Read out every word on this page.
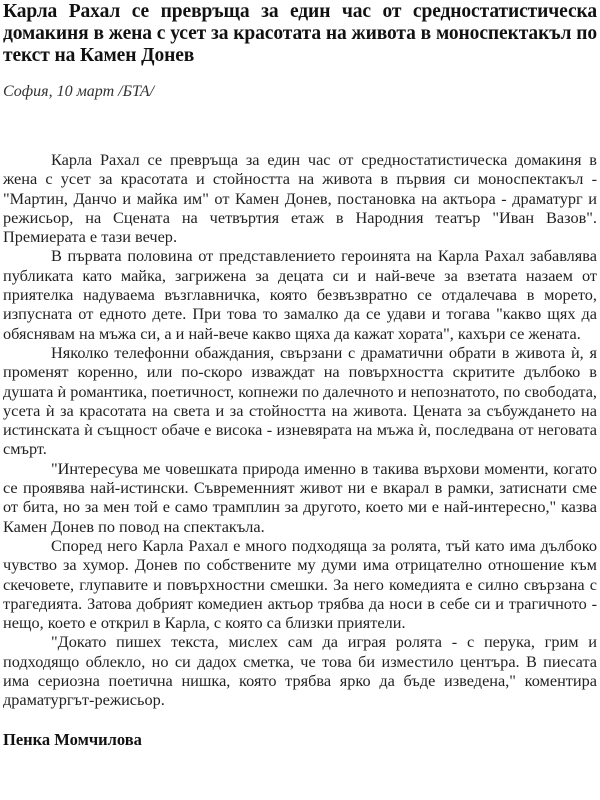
Карла Рахал се превръща за един час от средностатистическа домакиня в жена с усет за красотата на живота в моноспектакъл по текст на Камен Донев

София, 10 март /БТА/

Карла Рахал се превръща за един час от средностатистическа домакиня в жена с усет за красотата и стойността на живота в първия си моноспектакъл - "Мартин, Данчо и майка им" от Камен Донев, постановка на актьора - драматург и режисьор, на Сцената на четвъртия етаж в Народния театър "Иван Вазов". Премиерата е тази вечер.

В първата половина от представлението героинята на Карла Рахал забавлява публиката като майка, загрижена за децата си и най-вече за взетата назаем от приятелка надуваема възглавничка, която безвъзвратно се отдалечава в морето, изпусната от едното дете. При това то замалко да се удави и тогава "какво щях да обяснявам на мъжа си, а и най-вече какво щяха да кажат хората", кахъри се жената.

Няколко телефонни обаждания, свързани с драматични обрати в живота ѝ, я променят коренно, или по-скоро изваждат на повърхността скритите дълбоко в душата ѝ романтика, поетичност, копнежи по далечното и непознатото, по свободата, усета ѝ за красотата на света и за стойността на живота. Цената за събуждането на истинската ѝ същност обаче е висока - изневярата на мъжа ѝ, последвана от неговата смърт.

"Интересува ме човешката природа именно в такива върхови моменти, когато се проявява най-истински. Съвременният живот ни е вкарал в рамки, затиснати сме от бита, но за мен той е само трамплин за другото, което ми е най-интересно," казва Камен Донев по повод на спектакъла.

Според него Карла Рахал е много подходяща за ролята, тъй като има дълбоко чувство за хумор. Донев по собствените му думи има отрицателно отношение към скечовете, глупавите и повърхностни смешки. За него комедията е силно свързана с трагедията. Затова добрият комедиен актьор трябва да носи в себе си и трагичното - нещо, което е открил в Карла, с която са близки приятели.

"Докато пишех текста, мислех сам да играя ролята - с перука, грим и подходящо облекло, но си дадох сметка, че това би изместило центъра. В пиесата има сериозна поетична нишка, която трябва ярко да бъде изведена," коментира драматургът-режисьор.

Пенка Момчилова
